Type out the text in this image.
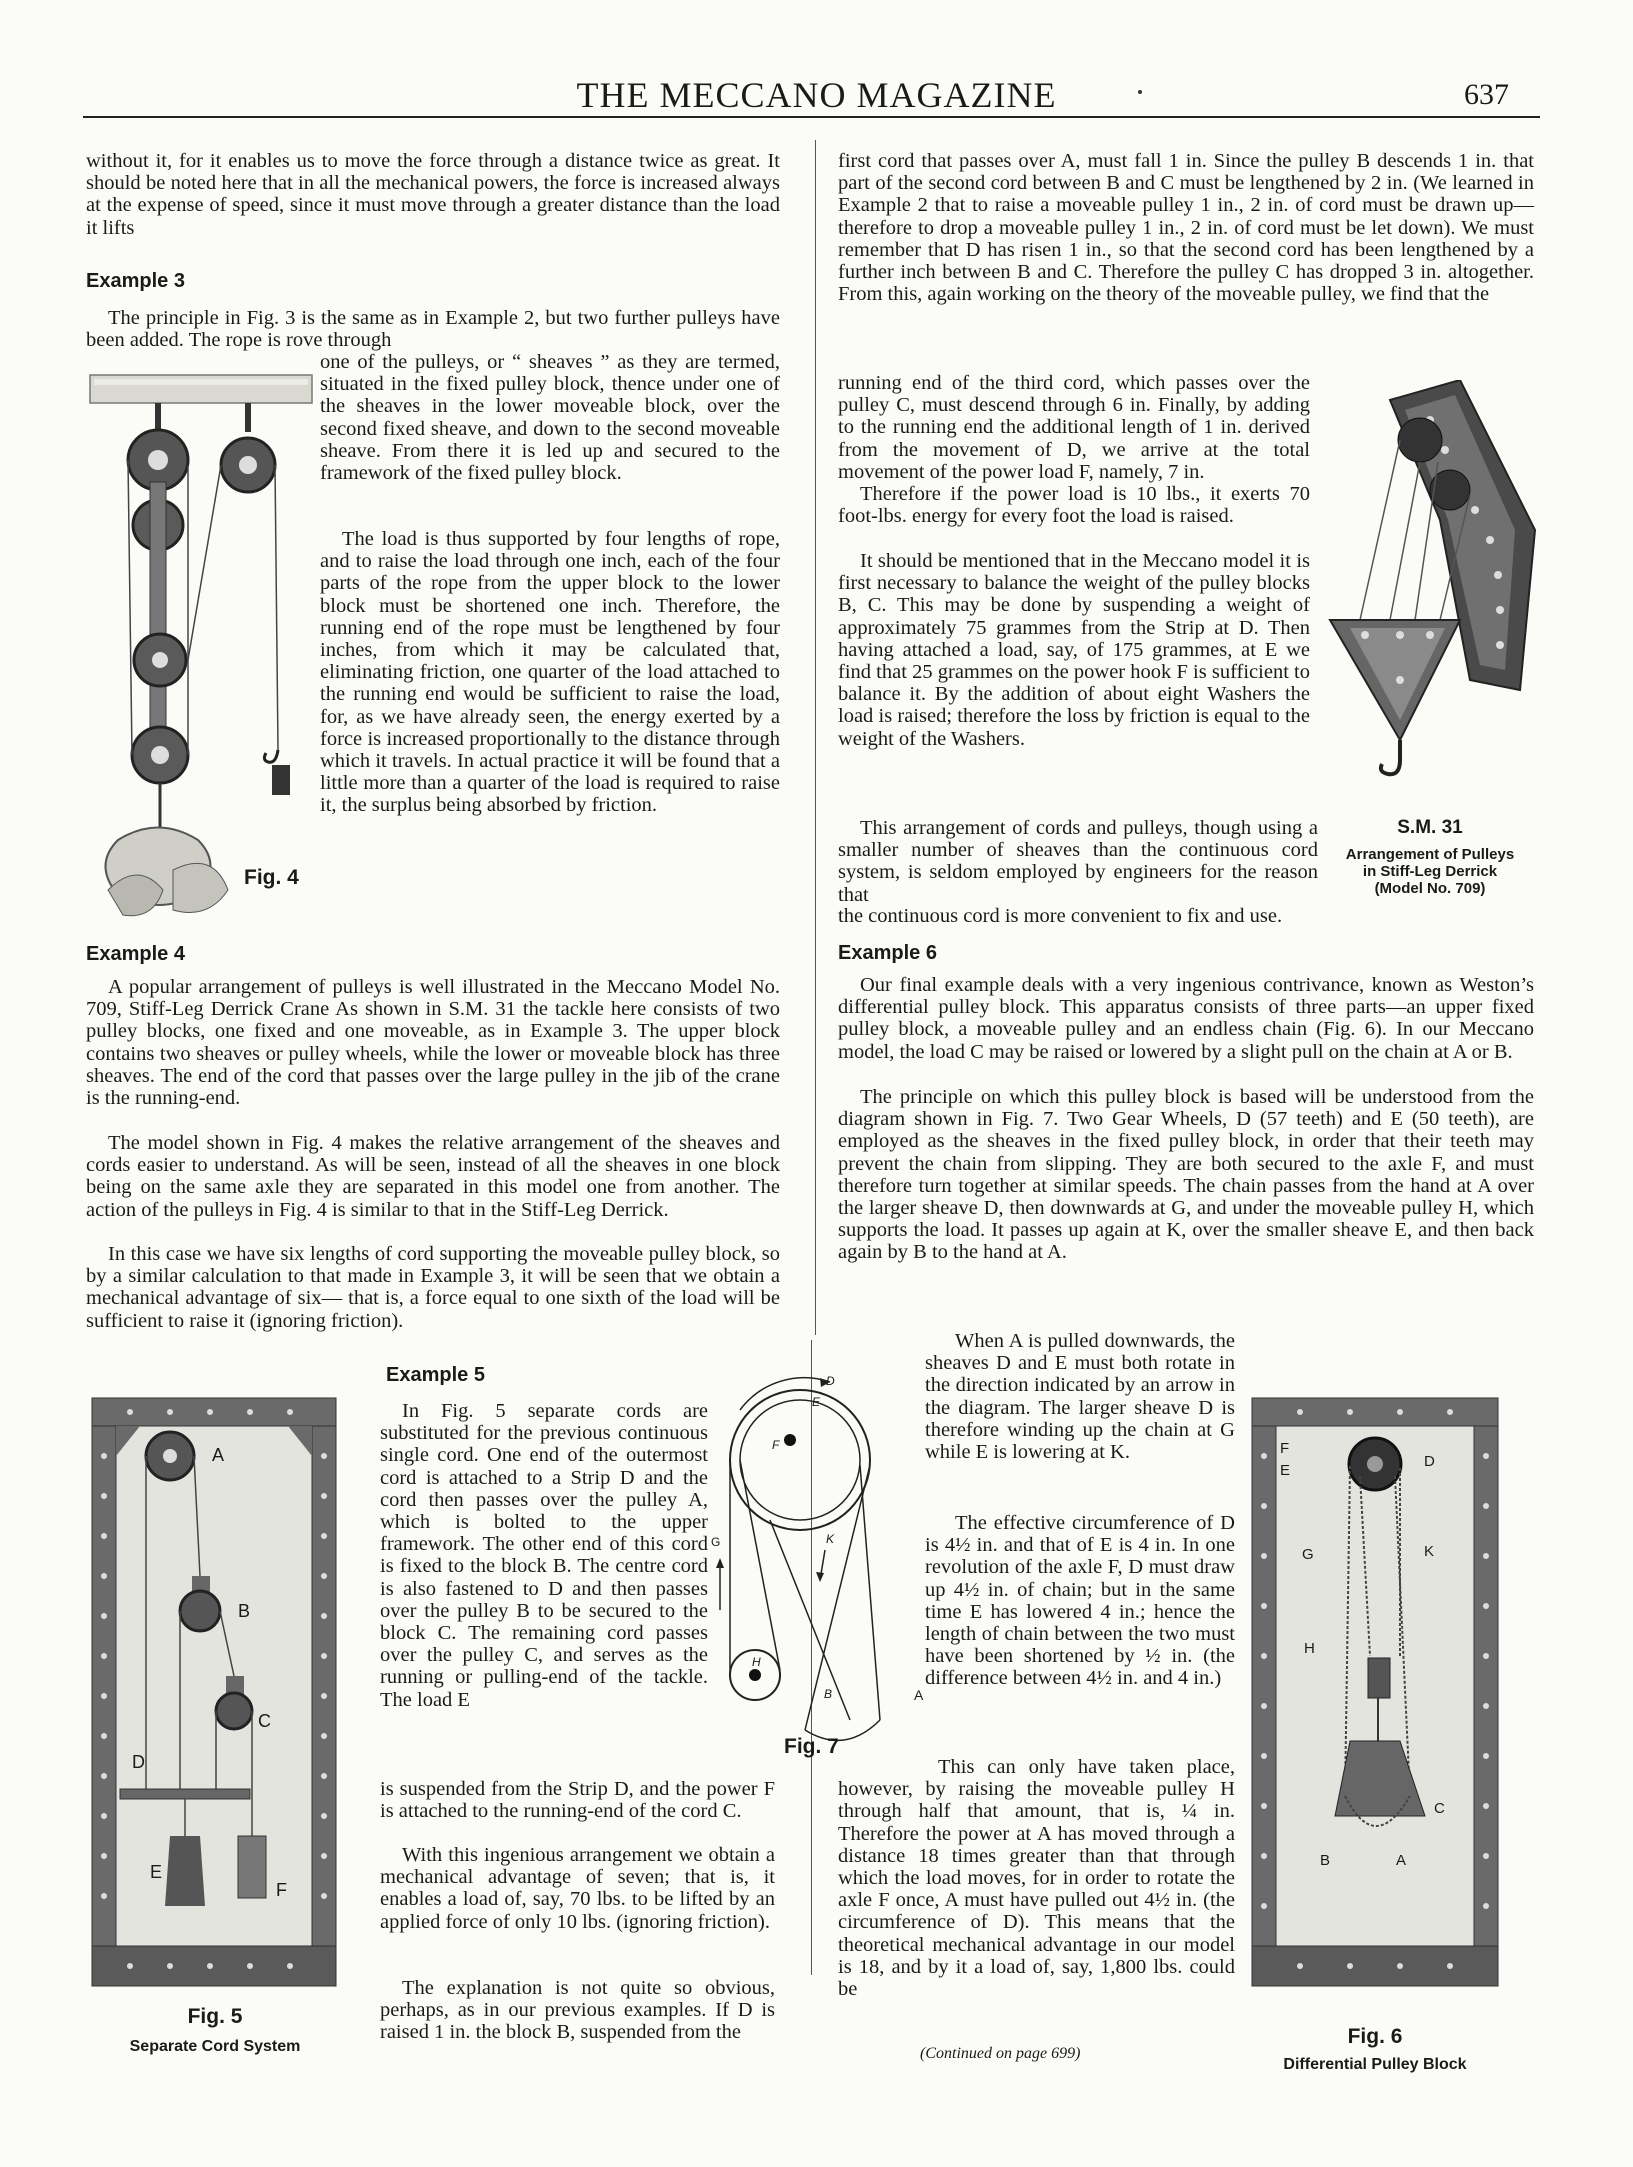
THE MECCANO MAGAZINE	637
without it, for it enables us to move the force through a distance twice as great. It should be noted here that in all the mechanical powers, the force is increased always at the expense of speed, since it must move through a greater distance than the load it lifts
Example 3
The principle in Fig. 3 is the same as in Example 2, but two further pulleys have been added. The rope is rove through
one of the pulleys, or “ sheaves ” as they are termed, situated in the fixed pulley block, thence under one of the sheaves in the lower moveable block, over the second fixed sheave, and down to the second moveable sheave. From there it is led up and secured to the framework of the fixed pulley block.
The load is thus supported by four lengths of rope, and to raise the load through one inch, each of the four parts of the rope from the upper block to the lower block must be shortened one inch. Therefore, the running end of the rope must be lengthened by four inches, from which it may be calculated that, eliminating friction, one quarter of the load attached to the running end would be sufficient to raise the load, for, as we have already seen, the energy exerted by a force is increased proportionally to the distance through which it travels. In actual practice it will be found that a little more than a quarter of the load is required to raise it, the surplus being absorbed by friction.
Fig. 4
Example 4
A popular arrangement of pulleys is well illustrated in the Meccano Model No. 709, Stiff-Leg Derrick Crane As shown in S.M. 31 the tackle here consists of two pulley blocks, one fixed and one moveable, as in Example 3. The upper block contains two sheaves or pulley wheels, while the lower or moveable block has three sheaves. The end of the cord that passes over the large pulley in the jib of the crane is the running-end.
The model shown in Fig. 4 makes the relative arrangement of the sheaves and cords easier to understand. As will be seen, instead of all the sheaves in one block being on the same axle they are separated in this model one from another. The action of the pulleys in Fig. 4 is similar to that in the Stiff-Leg Derrick.
In this case we have six lengths of cord supporting the moveable pulley block, so by a similar calculation to that made in Example 3, it will be seen that we obtain a mechanical advantage of six— that is, a force equal to one sixth of the load will be sufficient to raise it (ignoring friction).
first cord that passes over A, must fall 1 in. Since the pulley B descends 1 in. that part of the second cord between B and C must be lengthened by 2 in. (We learned in Example 2 that to raise a moveable pulley 1 in., 2 in. of cord must be drawn up—therefore to drop a moveable pulley 1 in., 2 in. of cord must be let down). We must remember that D has risen 1 in., so that the second cord has been lengthened by a further inch between B and C. Therefore the pulley C has dropped 3 in. altogether. From this, again working on the theory of the moveable pulley, we find that the
running end of the third cord, which passes over the pulley C, must descend through 6 in. Finally, by adding to the running end the additional length of 1 in. derived from the movement of D, we arrive at the total movement of the power load F, namely, 7 in.
Therefore if the power load is 10 lbs., it exerts 70 foot-lbs. energy for every foot the load is raised.
It should be mentioned that in the Meccano model it is first necessary to balance the weight of the pulley blocks B, C. This may be done by suspending a weight of approximately 75 grammes from the Strip at D. Then having attached a load, say, of 175 grammes, at E we find that 25 grammes on the power hook F is sufficient to balance it. By the addition of about eight Washers the load is raised; therefore the loss by friction is equal to the weight of the Washers.
This arrangement of cords and pulleys, though using a smaller number of sheaves than the continuous cord system, is seldom employed by engineers for the reason that
the continuous cord is more convenient to fix and use.
S.M. 31
Arrangement of Pulleys
in Stiff-Leg Derrick
(Model No. 709)
Example 6
Our final example deals with a very ingenious contrivance, known as Weston’s differential pulley block. This apparatus consists of three parts—an upper fixed pulley block, a moveable pulley and an endless chain (Fig. 6). In our Meccano model, the load C may be raised or lowered by a slight pull on the chain at A or B.
The principle on which this pulley block is based will be understood from the diagram shown in Fig. 7. Two Gear Wheels, D (57 teeth) and E (50 teeth), are employed as the sheaves in the fixed pulley block, in order that their teeth may prevent the chain from slipping. They are both secured to the axle F, and must therefore turn together at similar speeds. The chain passes from the hand at A over the larger sheave D, then downwards at G, and under the moveable pulley H, which supports the load. It passes up again at K, over the smaller sheave E, and then back again by B to the hand at A.
A
B
C
D
E
F
Fig. 5
Separate Cord System
Example 5
In Fig. 5 separate cords are substituted for the previous continuous single cord. One end of the outermost cord is attached to a Strip D and the cord then passes over the pulley A, which is bolted to the upper framework. The other end of this cord is fixed to the block B. The centre cord is also fastened to D and then passes over the pulley B to be secured to the block C. The remaining cord passes over the pulley C, and serves as the running or pulling-end of the tackle. The load E
is suspended from the Strip D, and the power F is attached to the running-end of the cord C.
With this ingenious arrangement we obtain a mechanical advantage of seven; that is, it enables a load of, say, 70 lbs. to be lifted by an applied force of only 10 lbs. (ignoring friction).
The explanation is not quite so obvious, perhaps, as in our previous examples. If D is raised 1 in. the block B, suspended from the
D
E
F
G	K
H
B	A
Fig. 7
When A is pulled downwards, the sheaves D and E must both rotate in the direction indicated by an arrow in the diagram. The larger sheave D is therefore winding up the chain at G while E is lowering at K.
The effective circumference of D is 4½ in. and that of E is 4 in. In one revolution of the axle F, D must draw up 4½ in. of chain; but in the same time E has lowered 4 in.; hence the length of chain between the two must have been shortened by ½ in. (the difference between 4½ in. and 4 in.)
This can only have taken place, however, by raising the moveable pulley H through half that amount, that is, ¼ in. Therefore the power at A has moved through a distance 18 times greater than that through which the load moves, for in order to rotate the axle F once, A must have pulled out 4½ in. (the circumference of D). This means that the theoretical mechanical advantage in our model is 18, and by it a load of, say, 1,800 lbs. could be
(Continued on page 699)
F
E
D
G	K
H
C
B	A
Fig. 6
Differential Pulley Block
